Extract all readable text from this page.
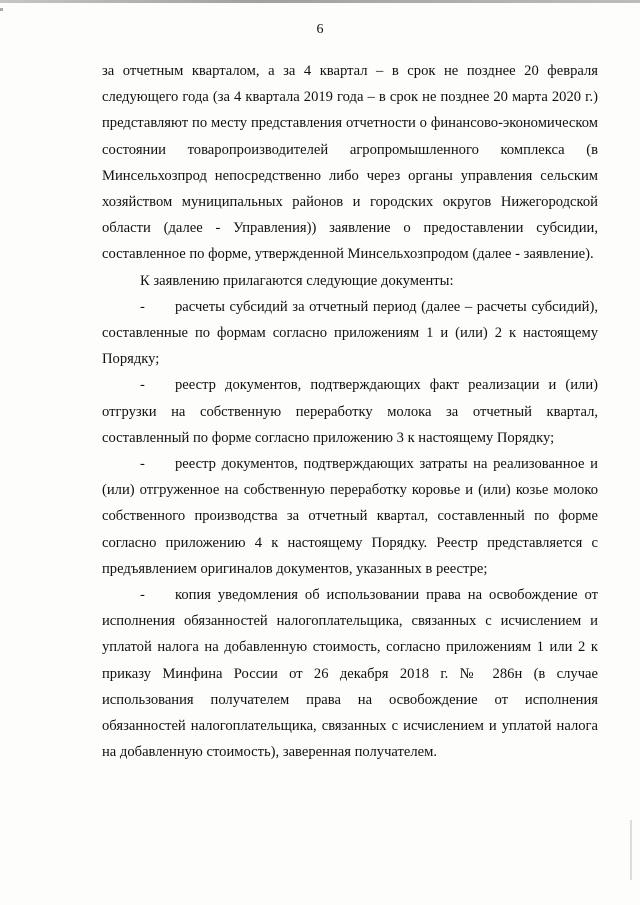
6

за отчетным кварталом, а за 4 квартал – в срок не позднее 20 февраля следующего года (за 4 квартала 2019 года – в срок не позднее 20 марта 2020 г.) представляют по месту представления отчетности о финансово-экономическом состоянии товаропроизводителей агропромышленного комплекса (в Минсельхозпрод непосредственно либо через органы управления сельским хозяйством муниципальных районов и городских округов Нижегородской области (далее - Управления)) заявление о предоставлении субсидии, составленное по форме, утвержденной Минсельхозпродом (далее - заявление).

К заявлению прилагаются следующие документы:

- расчеты субсидий за отчетный период (далее – расчеты субсидий), составленные по формам согласно приложениям 1 и (или) 2 к настоящему Порядку;

- реестр документов, подтверждающих факт реализации и (или) отгрузки на собственную переработку молока за отчетный квартал, составленный по форме согласно приложению 3 к настоящему Порядку;

- реестр документов, подтверждающих затраты на реализованное и (или) отгруженное на собственную переработку коровье и (или) козье молоко собственного производства за отчетный квартал, составленный по форме согласно приложению 4 к настоящему Порядку. Реестр представляется с предъявлением оригиналов документов, указанных в реестре;

- копия уведомления об использовании права на освобождение от исполнения обязанностей налогоплательщика, связанных с исчислением и уплатой налога на добавленную стоимость, согласно приложениям 1 или 2 к приказу Минфина России от 26 декабря 2018 г. № 286н (в случае использования получателем права на освобождение от исполнения обязанностей налогоплательщика, связанных с исчислением и уплатой налога на добавленную стоимость), заверенная получателем.
